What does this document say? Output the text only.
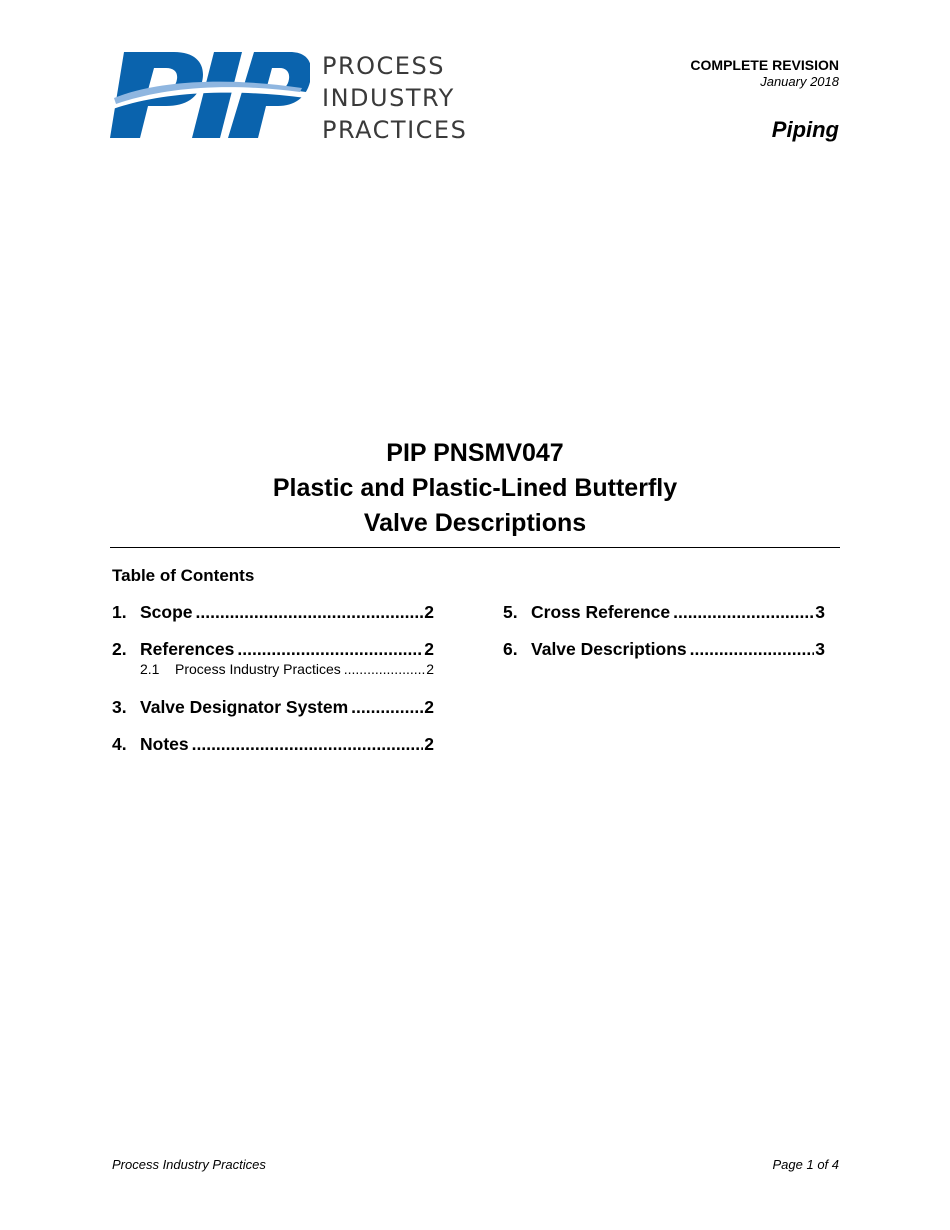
PROCESS
INDUSTRY
PRACTICES
COMPLETE REVISION
January 2018
Piping
PIP PNSMV047
Plastic and Plastic-Lined Butterfly
Valve Descriptions
Table of Contents
1. Scope .....	2
2. References .....	2
2.1	Process Industry Practices .....	2
3. Valve Designator System .....	2
4. Notes .....	2
5. Cross Reference .....	3
6. Valve Descriptions .....	3
Process Industry Practices	Page 1 of 4
